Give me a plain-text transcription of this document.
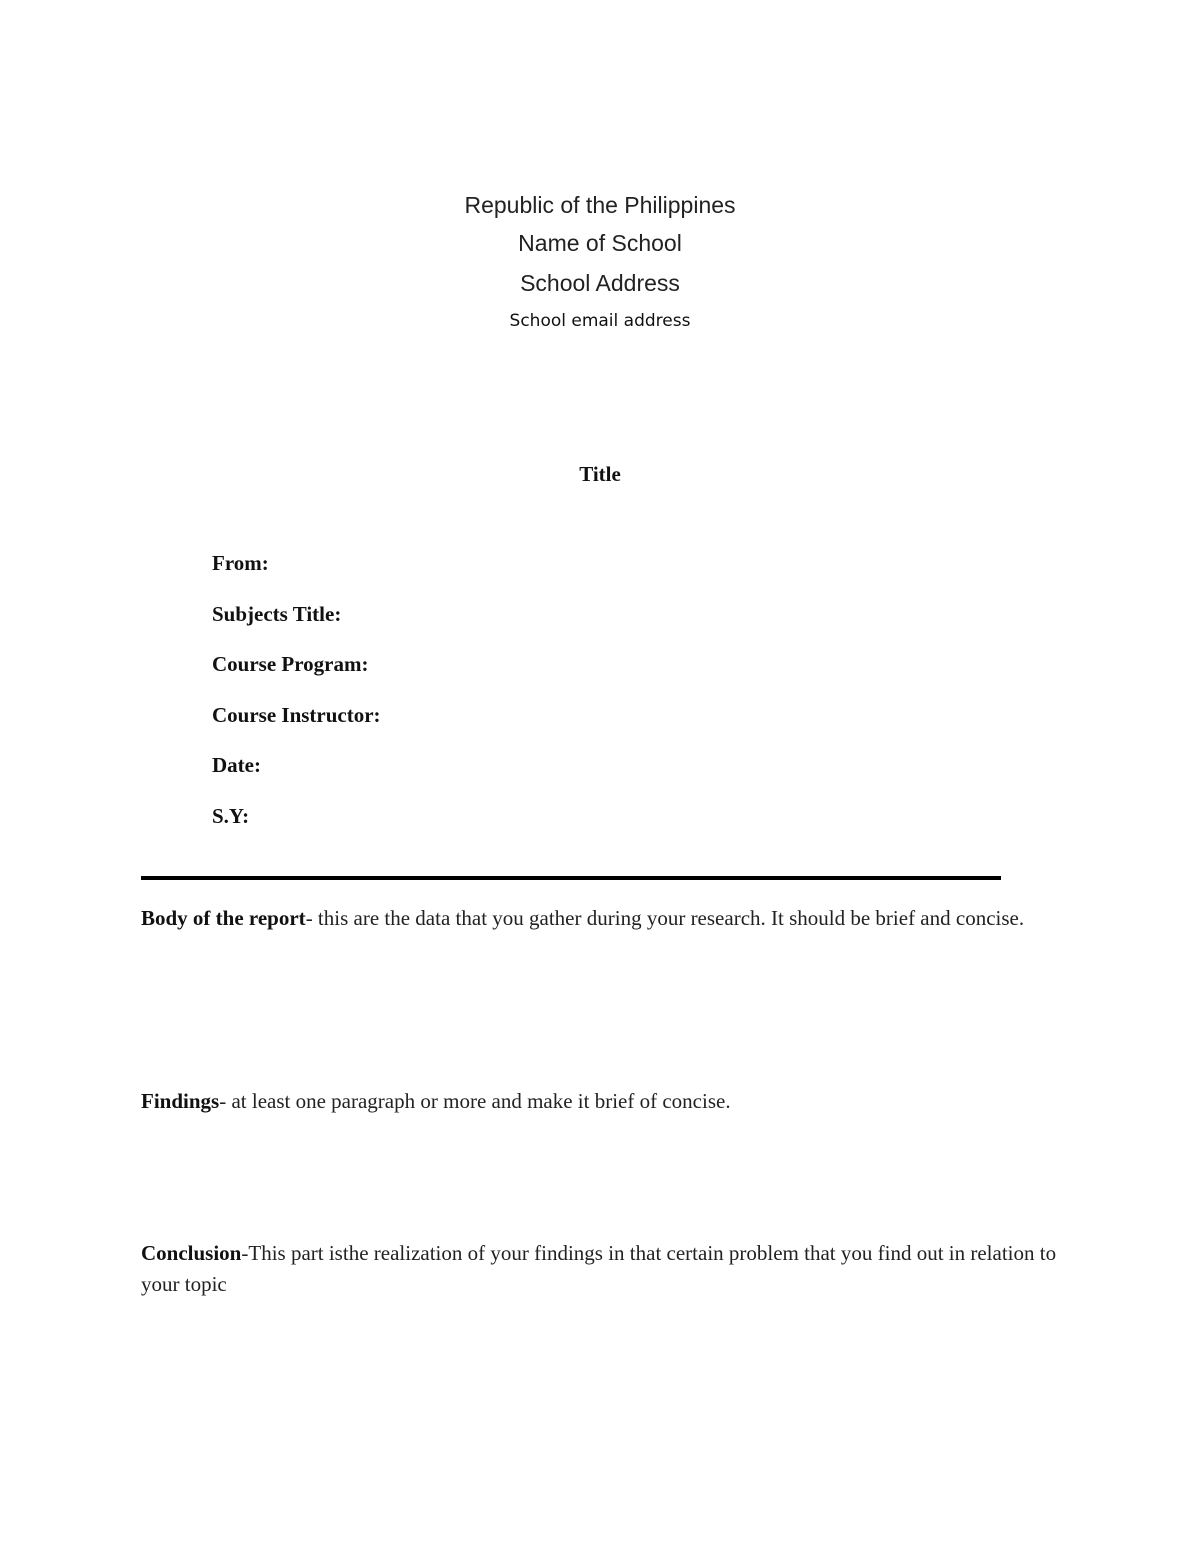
Republic of the Philippines
Name of School
School Address
School email address
Title
From:
Subjects Title:
Course Program:
Course Instructor:
Date:
S.Y:
Body of the report- this are the data that you gather during your research. It should be brief and concise.
Findings- at least one paragraph or more and make it brief of concise.
Conclusion-This part isthe realization of your findings in that certain problem that you find out in relation to your topic
